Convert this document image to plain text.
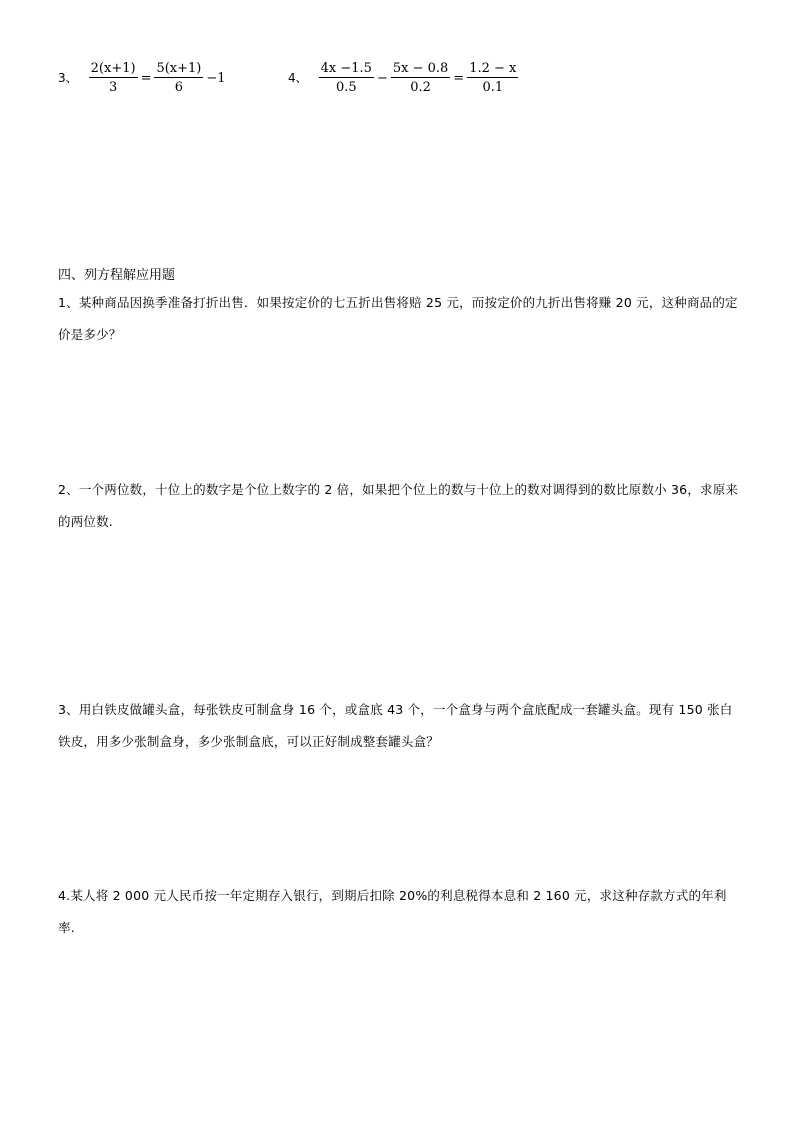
3、 $\frac{2(x+1)}{3} = \frac{5(x+1)}{6} -1$	4、 $\frac{4x -1.5}{0.5} - \frac{5x - 0.8}{0.2} = \frac{1.2 - x}{0.1}$
四、列方程解应用题
1、某种商品因换季准备打折出售．如果按定价的七五折出售将赔 25 元，而按定价的九折出售将赚 20 元，这种商品的定价是多少？
2、一个两位数，十位上的数字是个位上数字的 2 倍，如果把个位上的数与十位上的数对调得到的数比原数小 36，求原来的两位数.
3、用白铁皮做罐头盒，每张铁皮可制盒身 16 个，或盒底 43 个，一个盒身与两个盒底配成一套罐头盒。现有 150 张白铁皮，用多少张制盒身，多少张制盒底，可以正好制成整套罐头盒？
4.某人将 2 000 元人民币按一年定期存入银行，到期后扣除 20%的利息税得本息和 2 160 元，求这种存款方式的年利率.
